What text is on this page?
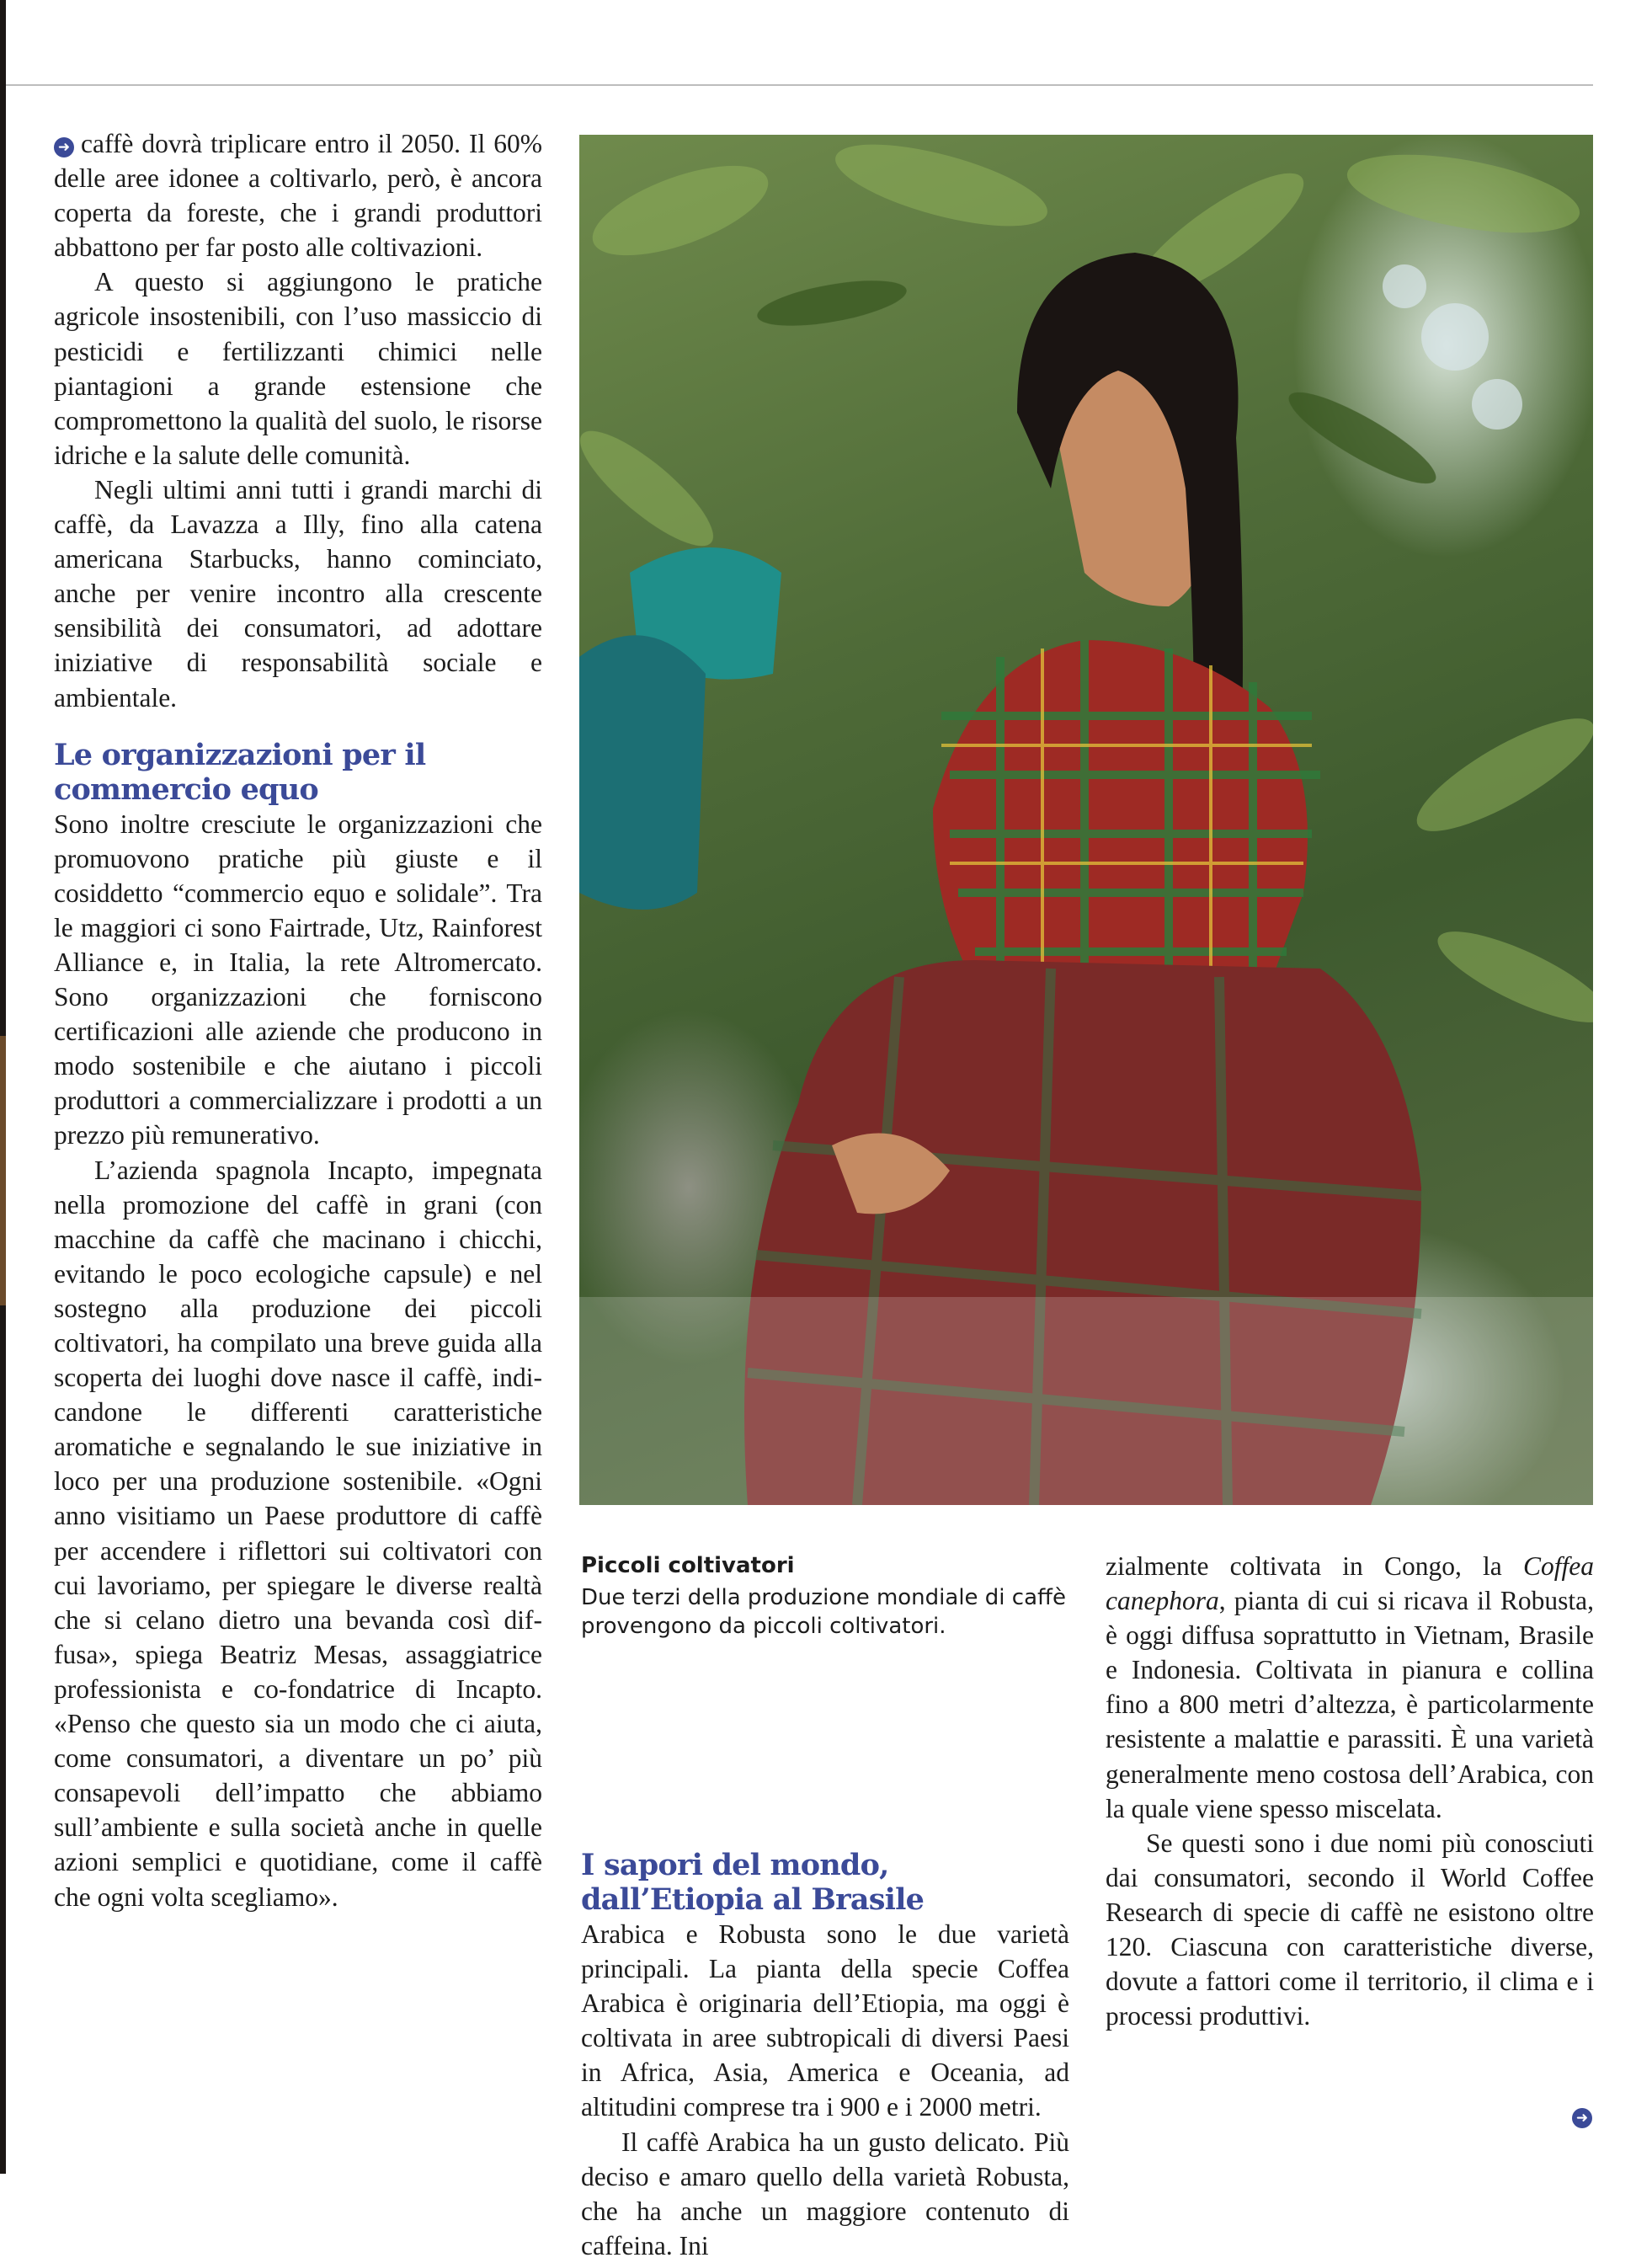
➜ caffè dovrà triplicare entro il 2050. Il 60% delle aree idonee a coltivarlo, però, è ancora coperta da foreste, che i grandi produttori abbattono per far posto alle coltivazioni.

A questo si aggiungono le pratiche agricole insostenibili, con l’uso massiccio di pesticidi e fertilizzanti chimici nelle piantagioni a grande estensione che compromettono la qualità del suolo, le risorse idriche e la salute delle comunità.

Negli ultimi anni tutti i grandi marchi di caffè, da Lavazza a Illy, fino alla catena americana Starbucks, hanno cominciato, anche per venire incontro alla crescente sensibilità dei consumatori, ad adottare iniziative di responsabilità sociale e ambientale.

Le organizzazioni per il commercio equo

Sono inoltre cresciute le organizzazioni che promuovono pratiche più giuste e il cosiddetto “commercio equo e solidale”. Tra le maggiori ci sono Fairtrade, Utz, Rainforest Alliance e, in Italia, la rete Altromercato. Sono organizzazioni che forniscono certificazioni alle aziende che producono in modo sostenibile e che aiutano i piccoli produttori a commercializzare i prodotti a un prezzo più remunerativo.

L’azienda spagnola Incapto, impegnata nella promozione del caffè in grani (con macchine da caffè che macinano i chicchi, evitando le poco ecologiche capsule) e nel sostegno alla produzione dei piccoli coltivatori, ha compilato una breve guida alla scoperta dei luoghi dove nasce il caffè, indicandone le differenti caratteristiche aromatiche e segnalando le sue iniziative in loco per una produzione sostenibile. «Ogni anno visitiamo un Paese produttore di caffè per accendere i riflettori sui coltivatori con cui lavoriamo, per spiegare le diverse realtà che si celano dietro una bevanda così diffusa», spiega Beatriz Mesas, assaggiatrice professionista e co-fondatrice di Incapto. «Penso che questo sia un modo che ci aiuta, come consumatori, a diventare un po’ più consapevoli dell’impatto che abbiamo sull’ambiente e sulla società anche in quelle azioni semplici e quotidiane, come il caffè che ogni volta scegliamo».

Piccoli coltivatori

Due terzi della produzione mondiale di caffè provengono da piccoli coltivatori.

I sapori del mondo, dall’Etiopia al Brasile

Arabica e Robusta sono le due varietà principali. La pianta della specie Coffea Arabica è originaria dell’Etiopia, ma oggi è coltivata in aree subtropicali di diversi Paesi in Africa, Asia, America e Oceania, ad altitudini comprese tra i 900 e i 2000 metri.

Il caffè Arabica ha un gusto delicato. Più deciso e amaro quello della varietà Robusta, che ha anche un maggiore contenuto di caffeina. Ini

zialmente coltivata in Congo, la Coffea canephora, pianta di cui si ricava il Robusta, è oggi diffusa soprattutto in Vietnam, Brasile e Indonesia. Coltivata in pianura e collina fino a 800 metri d’altezza, è particolarmente resistente a malattie e parassiti. È una varietà generalmente meno costosa dell’Arabica, con la quale viene spesso miscelata.

Se questi sono i due nomi più conosciuti dai consumatori, secondo il World Coffee Research di specie di caffè ne esistono oltre 120. Ciascuna con caratteristiche diverse, dovute a fattori come il territorio, il clima e i processi produttivi.

➜
